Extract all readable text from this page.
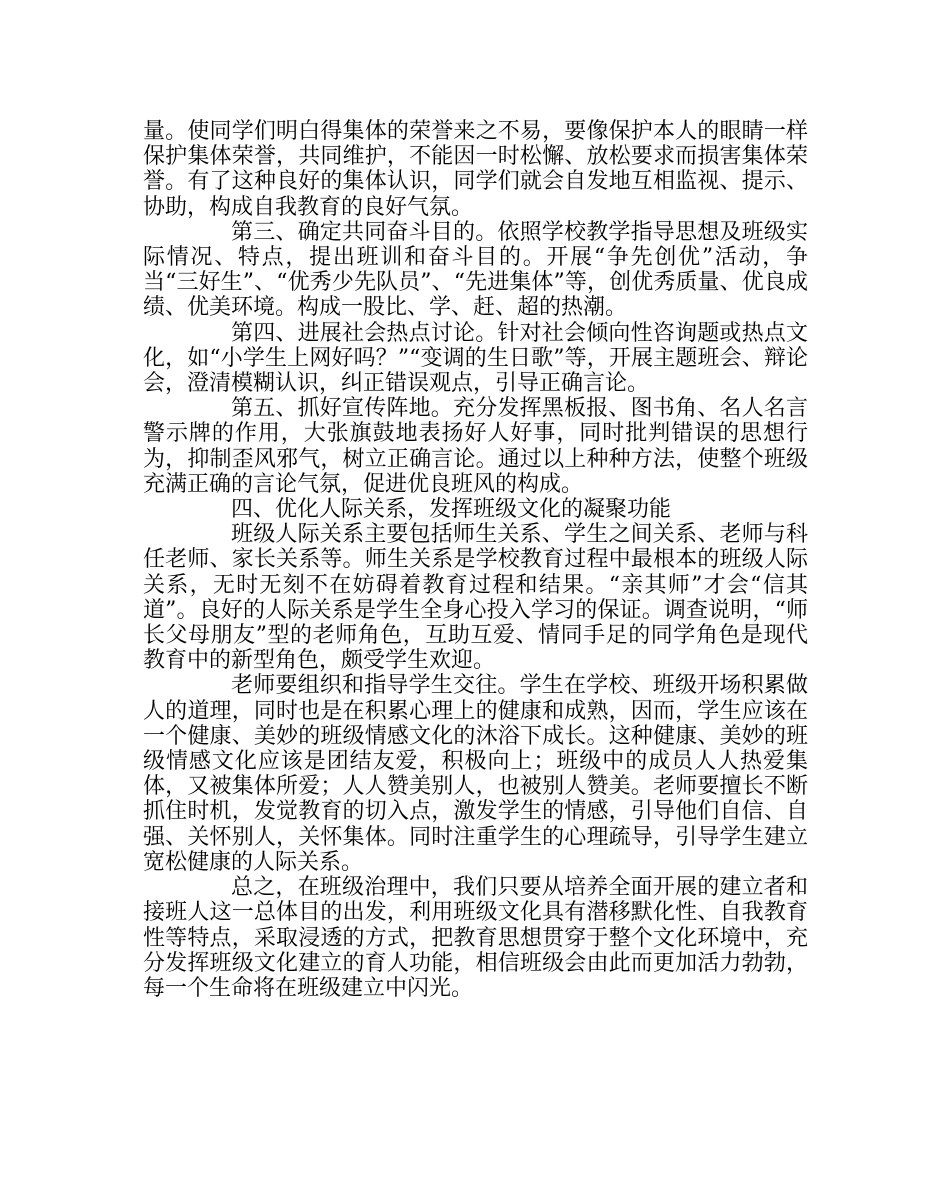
量。使同学们明白得集体的荣誉来之不易，要像保护本人的眼睛一样保护集体荣誉，共同维护，不能因一时松懈、放松要求而损害集体荣誉。有了这种良好的集体认识，同学们就会自发地互相监视、提示、协助，构成自我教育的良好气氛。

第三、确定共同奋斗目的。依照学校教学指导思想及班级实际情况、特点，提出班训和奋斗目的。开展“争先创优”活动，争当“三好生”、“优秀少先队员”、“先进集体”等，创优秀质量、优良成绩、优美环境。构成一股比、学、赶、超的热潮。

第四、进展社会热点讨论。针对社会倾向性咨询题或热点文化，如“小学生上网好吗？”“变调的生日歌”等，开展主题班会、辩论会，澄清模糊认识，纠正错误观点，引导正确言论。

第五、抓好宣传阵地。充分发挥黑板报、图书角、名人名言警示牌的作用，大张旗鼓地表扬好人好事，同时批判错误的思想行为，抑制歪风邪气，树立正确言论。通过以上种种方法，使整个班级充满正确的言论气氛，促进优良班风的构成。

四、优化人际关系，发挥班级文化的凝聚功能

班级人际关系主要包括师生关系、学生之间关系、老师与科任老师、家长关系等。师生关系是学校教育过程中最根本的班级人际关系，无时无刻不在妨碍着教育过程和结果。“亲其师”才会“信其道”。良好的人际关系是学生全身心投入学习的保证。调查说明，“师长父母朋友”型的老师角色，互助互爱、情同手足的同学角色是现代教育中的新型角色，颇受学生欢迎。

老师要组织和指导学生交往。学生在学校、班级开场积累做人的道理，同时也是在积累心理上的健康和成熟，因而，学生应该在一个健康、美妙的班级情感文化的沐浴下成长。这种健康、美妙的班级情感文化应该是团结友爱，积极向上；班级中的成员人人热爱集体，又被集体所爱；人人赞美别人，也被别人赞美。老师要擅长不断抓住时机，发觉教育的切入点，激发学生的情感，引导他们自信、自强、关怀别人，关怀集体。同时注重学生的心理疏导，引导学生建立宽松健康的人际关系。

总之，在班级治理中，我们只要从培养全面开展的建立者和接班人这一总体目的出发，利用班级文化具有潜移默化性、自我教育性等特点，采取浸透的方式，把教育思想贯穿于整个文化环境中，充分发挥班级文化建立的育人功能，相信班级会由此而更加活力勃勃，每一个生命将在班级建立中闪光。
